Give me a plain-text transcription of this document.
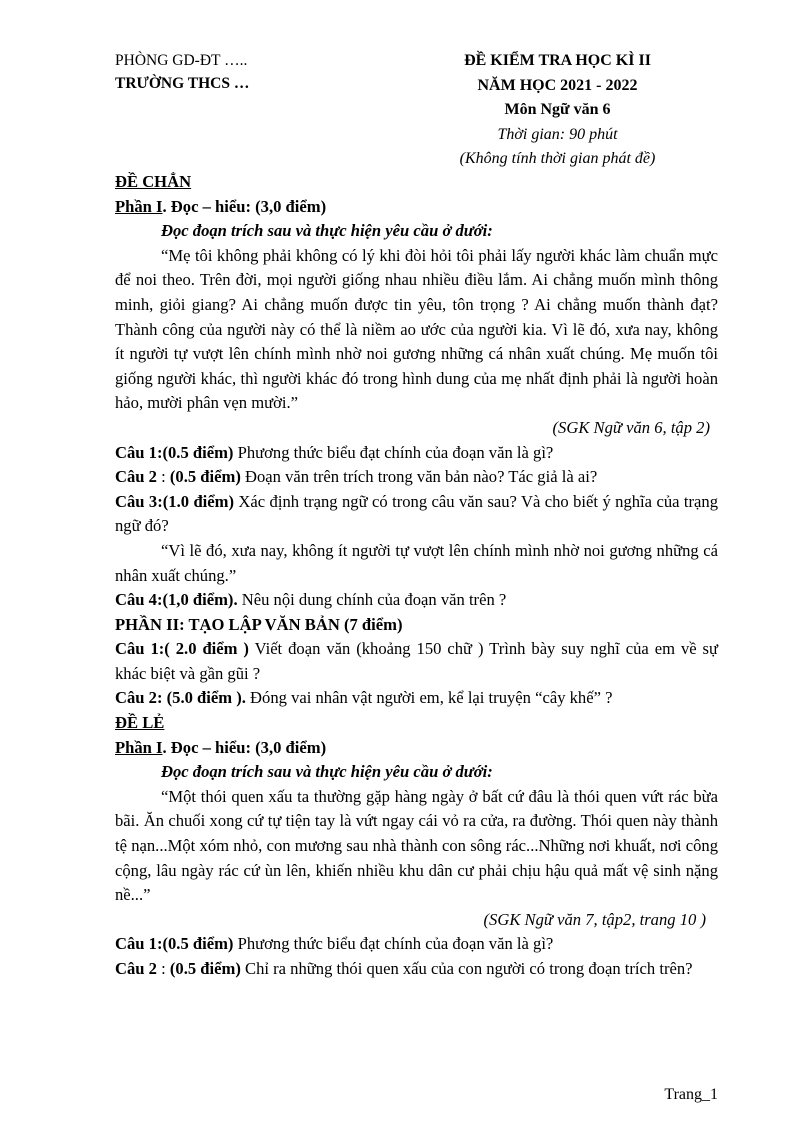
PHÒNG GD-ĐT …..
TRƯỜNG THCS …
ĐỀ KIỂM TRA HỌC KÌ II
NĂM HỌC 2021 - 2022
Môn Ngữ văn 6
Thời gian: 90 phút
(Không tính thời gian phát đề)

ĐỀ CHẲN

Phần I. Đọc – hiểu: (3,0 điểm)

Đọc đoạn trích sau và thực hiện yêu cầu ở dưới:

“Mẹ tôi không phải không có lý khi đòi hỏi tôi phải lấy người khác làm chuẩn mực để noi theo. Trên đời, mọi người giống nhau nhiều điều lắm. Ai chẳng muốn mình thông minh, giỏi giang? Ai chẳng muốn được tin yêu, tôn trọng ? Ai chẳng muốn thành đạt? Thành công của người này có thể là niềm ao ước của người kia. Vì lẽ đó, xưa nay, không ít người tự vượt lên chính mình nhờ noi gương những cá nhân xuất chúng. Mẹ muốn tôi giống người khác, thì người khác đó trong hình dung của mẹ nhất định phải là người hoàn hảo, mười phân vẹn mười.”

(SGK Ngữ văn 6, tập 2)

Câu 1:(0.5 điểm) Phương thức biểu đạt chính của đoạn văn là gì?

Câu 2 : (0.5 điểm) Đoạn văn trên trích trong văn bản nào? Tác giả là ai?

Câu 3:(1.0 điểm) Xác định trạng ngữ có trong câu văn sau? Và cho biết ý nghĩa của trạng ngữ đó?

“Vì lẽ đó, xưa nay, không ít người tự vượt lên chính mình nhờ noi gương những cá nhân xuất chúng.”

Câu 4:(1,0 điểm). Nêu nội dung chính của đoạn văn trên ?

PHẦN II: TẠO LẬP VĂN BẢN (7 điểm)

Câu 1:( 2.0 điểm ) Viết đoạn văn (khoảng 150 chữ ) Trình bày suy nghĩ của em về sự khác biệt và gần gũi ?

Câu 2: (5.0 điểm ). Đóng vai nhân vật người em, kể lại truyện “cây khế” ?

ĐỀ LẺ

Phần I. Đọc – hiểu: (3,0 điểm)

Đọc đoạn trích sau và thực hiện yêu cầu ở dưới:

“Một thói quen xấu ta thường gặp hàng ngày ở bất cứ đâu là thói quen vứt rác bừa bãi. Ăn chuối xong cứ tự tiện tay là vứt ngay cái vỏ ra cửa, ra đường. Thói quen này thành tệ nạn...Một xóm nhỏ, con mương sau nhà thành con sông rác...Những nơi khuất, nơi công cộng, lâu ngày rác cứ ùn lên, khiến nhiều khu dân cư phải chịu hậu quả mất vệ sinh nặng nề...”

(SGK Ngữ văn 7, tập2, trang 10 )

Câu 1:(0.5 điểm) Phương thức biểu đạt chính của đoạn văn là gì?

Câu 2 : (0.5 điểm) Chỉ ra những thói quen xấu của con người có trong đoạn trích trên?

Trang_1
